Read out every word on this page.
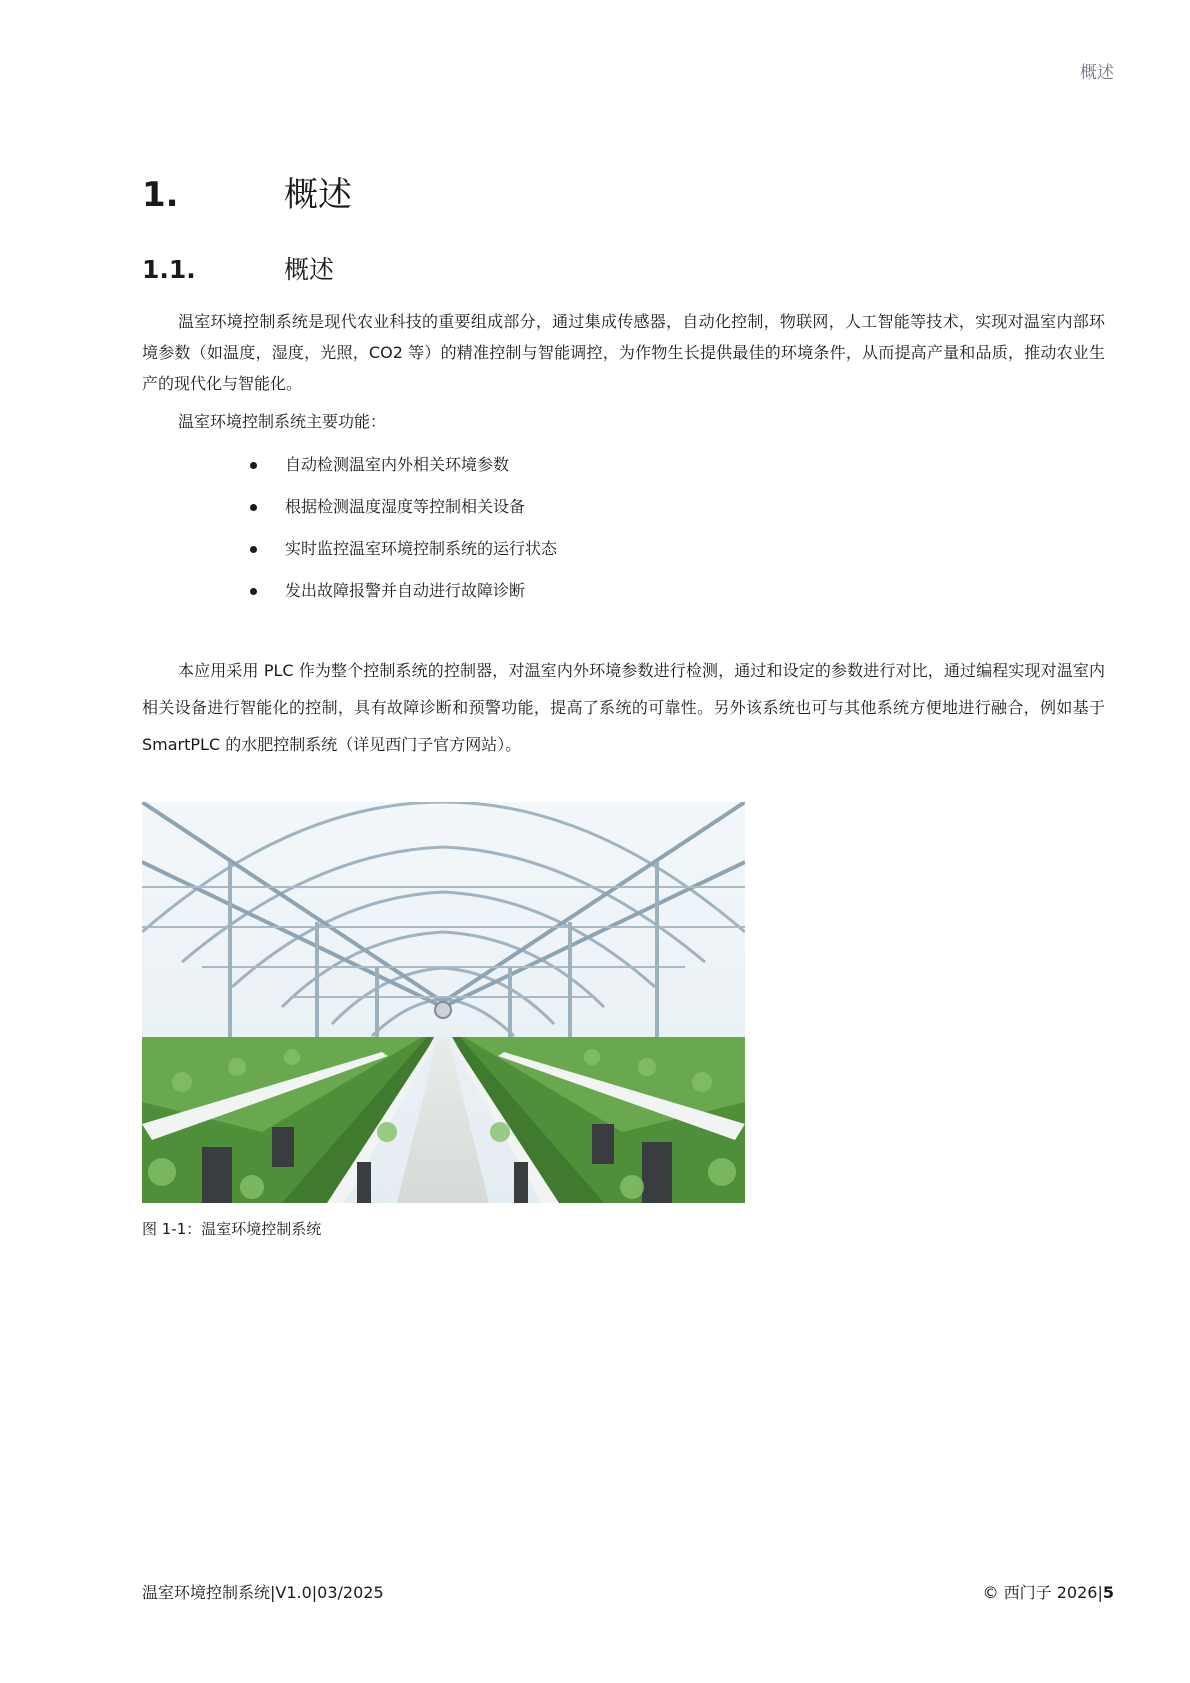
概述
1.	概述
1.1.	概述

温室环境控制系统是现代农业科技的重要组成部分，通过集成传感器，自动化控制，物联网，人工智能等技术，实现对温室内部环境参数（如温度，湿度，光照，CO2 等）的精准控制与智能调控，为作物生长提供最佳的环境条件，从而提高产量和品质，推动农业生产的现代化与智能化。

温室环境控制系统主要功能：

自动检测温室内外相关环境参数
根据检测温度湿度等控制相关设备
实时监控温室环境控制系统的运行状态
发出故障报警并自动进行故障诊断

本应用采用 PLC 作为整个控制系统的控制器，对温室内外环境参数进行检测，通过和设定的参数进行对比，通过编程实现对温室内相关设备进行智能化的控制，具有故障诊断和预警功能，提高了系统的可靠性。另外该系统也可与其他系统方便地进行融合，例如基于 SmartPLC 的水肥控制系统（详见西门子官方网站）。

图 1-1：温室环境控制系统
温室环境控制系统|V1.0|03/2025	© 西门子 2026|5
